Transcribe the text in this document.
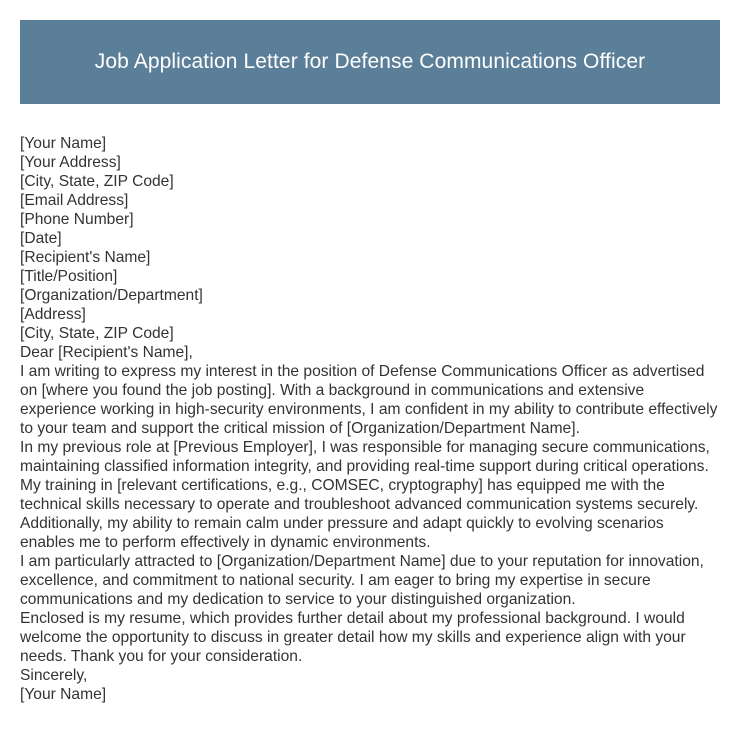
Job Application Letter for Defense Communications Officer

[Your Name]

[Your Address]

[City, State, ZIP Code]

[Email Address]

[Phone Number]

[Date]

[Recipient's Name]

[Title/Position]

[Organization/Department]

[Address]

[City, State, ZIP Code]

Dear [Recipient's Name],

I am writing to express my interest in the position of Defense Communications Officer as advertised on [where you found the job posting]. With a background in communications and extensive experience working in high-security environments, I am confident in my ability to contribute effectively to your team and support the critical mission of [Organization/Department Name].

In my previous role at [Previous Employer], I was responsible for managing secure communications, maintaining classified information integrity, and providing real-time support during critical operations. My training in [relevant certifications, e.g., COMSEC, cryptography] has equipped me with the technical skills necessary to operate and troubleshoot advanced communication systems securely. Additionally, my ability to remain calm under pressure and adapt quickly to evolving scenarios enables me to perform effectively in dynamic environments.

I am particularly attracted to [Organization/Department Name] due to your reputation for innovation, excellence, and commitment to national security. I am eager to bring my expertise in secure communications and my dedication to service to your distinguished organization.

Enclosed is my resume, which provides further detail about my professional background. I would welcome the opportunity to discuss in greater detail how my skills and experience align with your needs. Thank you for your consideration.

Sincerely,

[Your Name]
